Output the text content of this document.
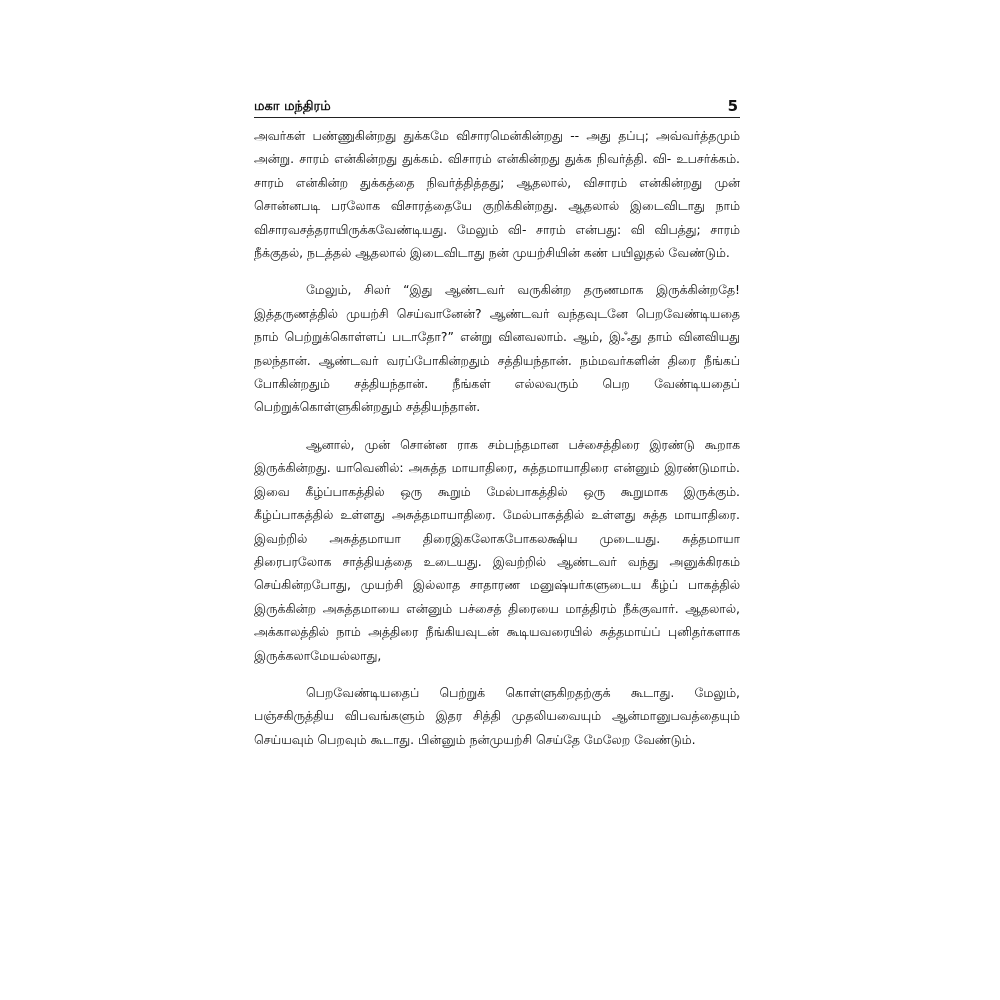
மகா மந்திரம்	5

அவர்கள் பண்ணுகின்றது துக்கமே விசாரமென்கின்றது -- அது தப்பு; அவ்வர்த்தமும் அன்று. சாரம் என்கின்றது துக்கம். விசாரம் என்கின்றது துக்க நிவர்த்தி. வி- உபசர்க்கம். சாரம் என்கின்ற துக்கத்தை நிவர்த்தித்தது; ஆதலால், விசாரம் என்கின்றது முன் சொன்னபடி பரலோக விசாரத்தையே குறிக்கின்றது. ஆதலால் இடைவிடாது நாம் விசாரவசத்தராயிருக்கவேண்டியது. மேலும் வி- சாரம் என்பது: வி விபத்து; சாரம் நீக்குதல், நடத்தல் ஆதலால் இடைவிடாது நன் முயற்சியின் கண் பயிலுதல் வேண்டும்.

மேலும், சிலர் “இது ஆண்டவர் வருகின்ற தருணமாக இருக்கின்றதே! இத்தருணத்தில் முயற்சி செய்வானேன்? ஆண்டவர் வந்தவுடனே பெறவேண்டியதை நாம் பெற்றுக்கொள்ளப் படாதோ?” என்று வினவலாம். ஆம், இஃது தாம் வினவியது நலந்தான். ஆண்டவர் வரப்போகின்றதும் சத்தியந்தான். நம்மவர்களின் திரை நீங்கப் போகின்றதும் சத்தியந்தான். நீங்கள் எல்லவரும் பெற வேண்டியதைப் பெற்றுக்கொள்ளுகின்றதும் சத்தியந்தான்.

ஆனால், முன் சொன்ன ராக சம்பந்தமான பச்சைத்திரை இரண்டு கூறாக இருக்கின்றது. யாவெனில்: அசுத்த மாயாதிரை, சுத்தமாயாதிரை என்னும் இரண்டுமாம். இவை கீழ்ப்பாகத்தில் ஒரு கூறும் மேல்பாகத்தில் ஒரு கூறுமாக இருக்கும். கீழ்ப்பாகத்தில் உள்ளது அசுத்தமாயாதிரை. மேல்பாகத்தில் உள்ளது சுத்த மாயாதிரை. இவற்றில் அசுத்தமாயா திரைஇகலோகபோகலக்ஷிய முடையது. சுத்தமாயா திரைபரலோக சாத்தியத்தை உடையது. இவற்றில் ஆண்டவர் வந்து அனுக்கிரகம் செய்கின்றபோது, முயற்சி இல்லாத சாதாரண மனுஷ்யர்களுடைய கீழ்ப் பாகத்தில் இருக்கின்ற அசுத்தமாயை என்னும் பச்சைத் திரையை மாத்திரம் நீக்குவார். ஆதலால், அக்காலத்தில் நாம் அத்திரை நீங்கியவுடன் கூடியவரையில் சுத்தமாய்ப் புனிதர்களாக இருக்கலாமேயல்லாது,

பெறவேண்டியதைப் பெற்றுக் கொள்ளுகிறதற்குக் கூடாது. மேலும், பஞ்சகிருத்திய விபவங்களும் இதர சித்தி முதலியவையும் ஆன்மானுபவத்தையும் செய்யவும் பெறவும் கூடாது. பின்னும் நன்முயற்சி செய்தே மேலேற வேண்டும்.
